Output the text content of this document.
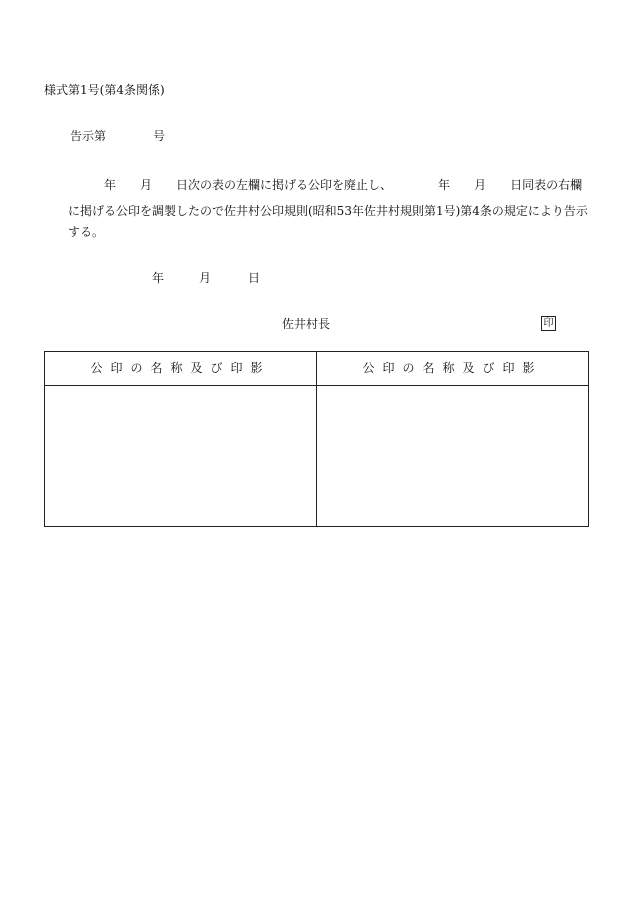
様式第1号(第4条関係)
告示第	号
年 月 日次の表の左欄に掲げる公印を廃止し、	年 月 日同表の右欄
に掲げる公印を調製したので佐井村公印規則(昭和53年佐井村規則第1号)第4条の規定により告示
する。
年	月	日
佐井村長	印
公印の名称及び印影	公印の名称及び印影
